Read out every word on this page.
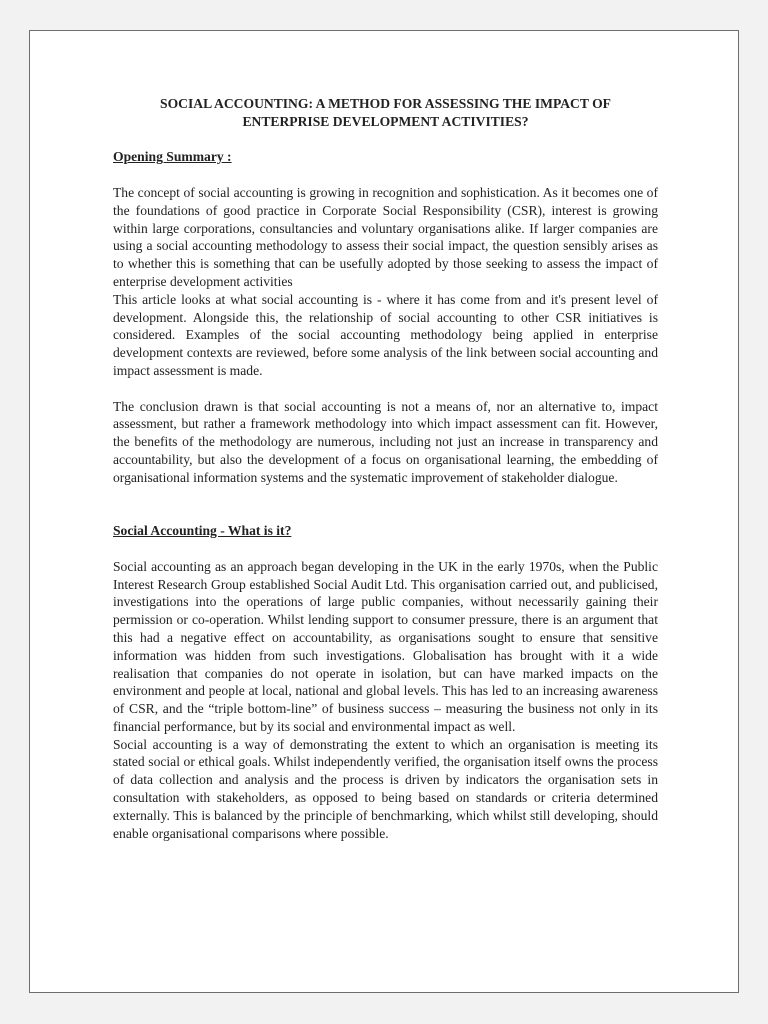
SOCIAL ACCOUNTING: A METHOD FOR ASSESSING THE IMPACT OF
ENTERPRISE DEVELOPMENT ACTIVITIES?
Opening Summary :

The concept of social accounting is growing in recognition and sophistication. As it becomes one of the foundations of good practice in Corporate Social Responsibility (CSR), interest is growing within large corporations, consultancies and voluntary organisations alike. If larger companies are using a social accounting methodology to assess their social impact, the question sensibly arises as to whether this is something that can be usefully adopted by those seeking to assess the impact of enterprise development activities

This article looks at what social accounting is - where it has come from and it's present level of development. Alongside this, the relationship of social accounting to other CSR initiatives is considered. Examples of the social accounting methodology being applied in enterprise development contexts are reviewed, before some analysis of the link between social accounting and impact assessment is made.

The conclusion drawn is that social accounting is not a means of, nor an alternative to, impact assessment, but rather a framework methodology into which impact assessment can fit. However, the benefits of the methodology are numerous, including not just an increase in transparency and accountability, but also the development of a focus on organisational learning, the embedding of organisational information systems and the systematic improvement of stakeholder dialogue.

Social Accounting - What is it?

Social accounting as an approach began developing in the UK in the early 1970s, when the Public Interest Research Group established Social Audit Ltd. This organisation carried out, and publicised, investigations into the operations of large public companies, without necessarily gaining their permission or co-operation. Whilst lending support to consumer pressure, there is an argument that this had a negative effect on accountability, as organisations sought to ensure that sensitive information was hidden from such investigations. Globalisation has brought with it a wide realisation that companies do not operate in isolation, but can have marked impacts on the environment and people at local, national and global levels. This has led to an increasing awareness of CSR, and the “triple bottom-line” of business success – measuring the business not only in its financial performance, but by its social and environmental impact as well.

Social accounting is a way of demonstrating the extent to which an organisation is meeting its stated social or ethical goals. Whilst independently verified, the organisation itself owns the process of data collection and analysis and the process is driven by indicators the organisation sets in consultation with stakeholders, as opposed to being based on standards or criteria determined externally. This is balanced by the principle of benchmarking, which whilst still developing, should enable organisational comparisons where possible.
